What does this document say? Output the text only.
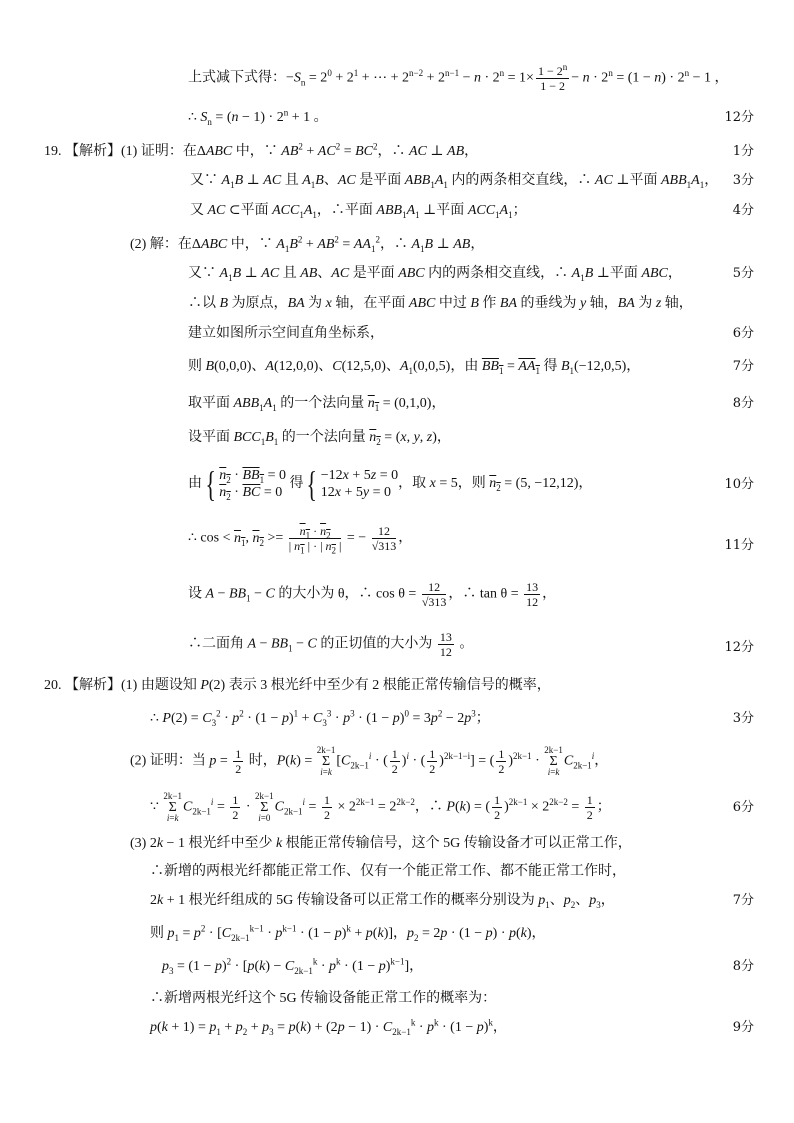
上式减下式得：$-S_n = 2^0 + 2^1$ + ⋯ + $2^{n-2} + 2^{n-1} - n \cdot 2^n = 1\times \frac{1 - 2^n}{1 - 2} - n \cdot 2^n = (1 - n) \cdot 2^n - 1$ ，
∴ $S_n = (n - 1) \cdot 2^n + 1$ 。	12分
19. 【解析】(1) 证明：在ΔABC 中，∵ $AB^2 + AC^2 = BC^2$，∴ AC ⊥ AB，	1分
又∵ $A_1B$ ⊥ AC 且 $A_1B$、AC 是平面 $ABB_1A_1$ 内的两条相交直线，∴ AC ⊥平面 $ABB_1A_1$， 3分
又 AC ⊂平面 $ACC_1A_1$，∴平面 $ABB_1A_1$ ⊥平面 $ACC_1A_1$；	4分
(2) 解：在ΔABC 中，∵ $A_1B^2 + AB^2 = AA_1^2$，∴ $A_1B$ ⊥ AB，
又∵ $A_1B$ ⊥ AC 且 AB、AC 是平面 ABC 内的两条相交直线，∴ $A_1B$ ⊥平面 ABC，	5分
∴以 B 为原点，BA 为 x 轴，在平面 ABC 中过 B 作 BA 的垂线为 y 轴，BA 为 z 轴，
建立如图所示空间直角坐标系，	6分
则 B(0,0,0)、A(12,0,0)、C(12,5,0)、$A_1(0,0,5)$，由 $BB_1 = AA_1$ 得 $B_1(-12,0,5)$，	7分
取平面 $ABB_1A_1$ 的一个法向量 $n_1 = (0,1,0)$，	8分
设平面 $BCC_1B_1$ 的一个法向量 $n_2 = (x$, y, z)，
由{ $n_2 \cdot BB_1 = 0$
$n_2 \cdot \overline{BC} = 0$ 得{ −12x + 5z = 0
12x + 5y = 0，取 x = 5，则 $n_2 = (5$, −12,12)，	10分
∴ $\cos < n_1$, $n_2 >= \frac{n_1 \cdot n_2}{| n_1 | \cdot | n_2 |}$ = − $\frac{12}{√313}$ ，	11分
设 $A - BB_1 - C$ 的大小为 θ，∴ $\cos \theta = \frac{12}{√313}$ ，∴ $\tan \theta = \frac{13}{12}$ ，
∴二面角 $A - BB_1 - C$ 的正切值的大小为 $\frac{13}{12}$ 。	12分
20. 【解析】(1) 由题设知 P(2) 表示 3 根光纤中至少有 2 根能正常传输信号的概率，
∴ $P(2) = C_3^2 \cdot p^2 \cdot (1 - p)^1 + C_3^3 \cdot p^3 \cdot (1 - p)^0 = 3p^2 - 2p^3$；	3分
(2) 证明：当 $p = \frac{1}{2}$ 时，P(k) = 2k−1
Σ
$i=k[C_{2k-1}^i$ · ( $\frac{1}{2} )^i$ · ( $\frac{1}{2} )^{2k-1-i}$] = ( $\frac{1}{2} )^{2k-1} \cdot 2k-1$
Σ
$i=kC_{2k-1}^i$，
∵ 2k−1
Σ
$i=kC_{2k-1}^i = \frac{1}{2} \cdot 2k-1$
Σ
$i=0C_{2k-1}^i = \frac{1}{2} \times 2^{2k-1} = 2^{2k-2}$，∴ P(k) = ( $\frac{1}{2} )^{2k-1} \times 2^{2k-2} = \frac{1}{2}$ ；	6分
(3) 2k − 1 根光纤中至少 k 根能正常传输信号，这个 5G 传输设备才可以正常工作，
∴新增的两根光纤都能正常工作、仅有一个能正常工作、都不能正常工作时，
2k + 1 根光纤组成的 5G 传输设备可以正常工作的概率分别设为 $p_1$、$p_2$、$p_3$，	7分
则 $p_1 = p^2 \cdot [C_{2k-1}^{k-1} \cdot p^{k-1} \cdot (1 - p)^k + p(k)]$，$p_2 = 2p \cdot (1 - p) \cdot p(k)$，
$p_3 = (1 - p)^2 \cdot [p(k) - C_{2k-1}^k \cdot p^k \cdot (1 - p)^{k-1}]$，	8分
∴新增两根光纤这个 5G 传输设备能正常工作的概率为：
$p(k + 1) = p_1 + p_2 + p_3 = p(k) + (2p - 1) \cdot C_{2k-1}^k \cdot p^k \cdot (1 - p)^k$，	9分
